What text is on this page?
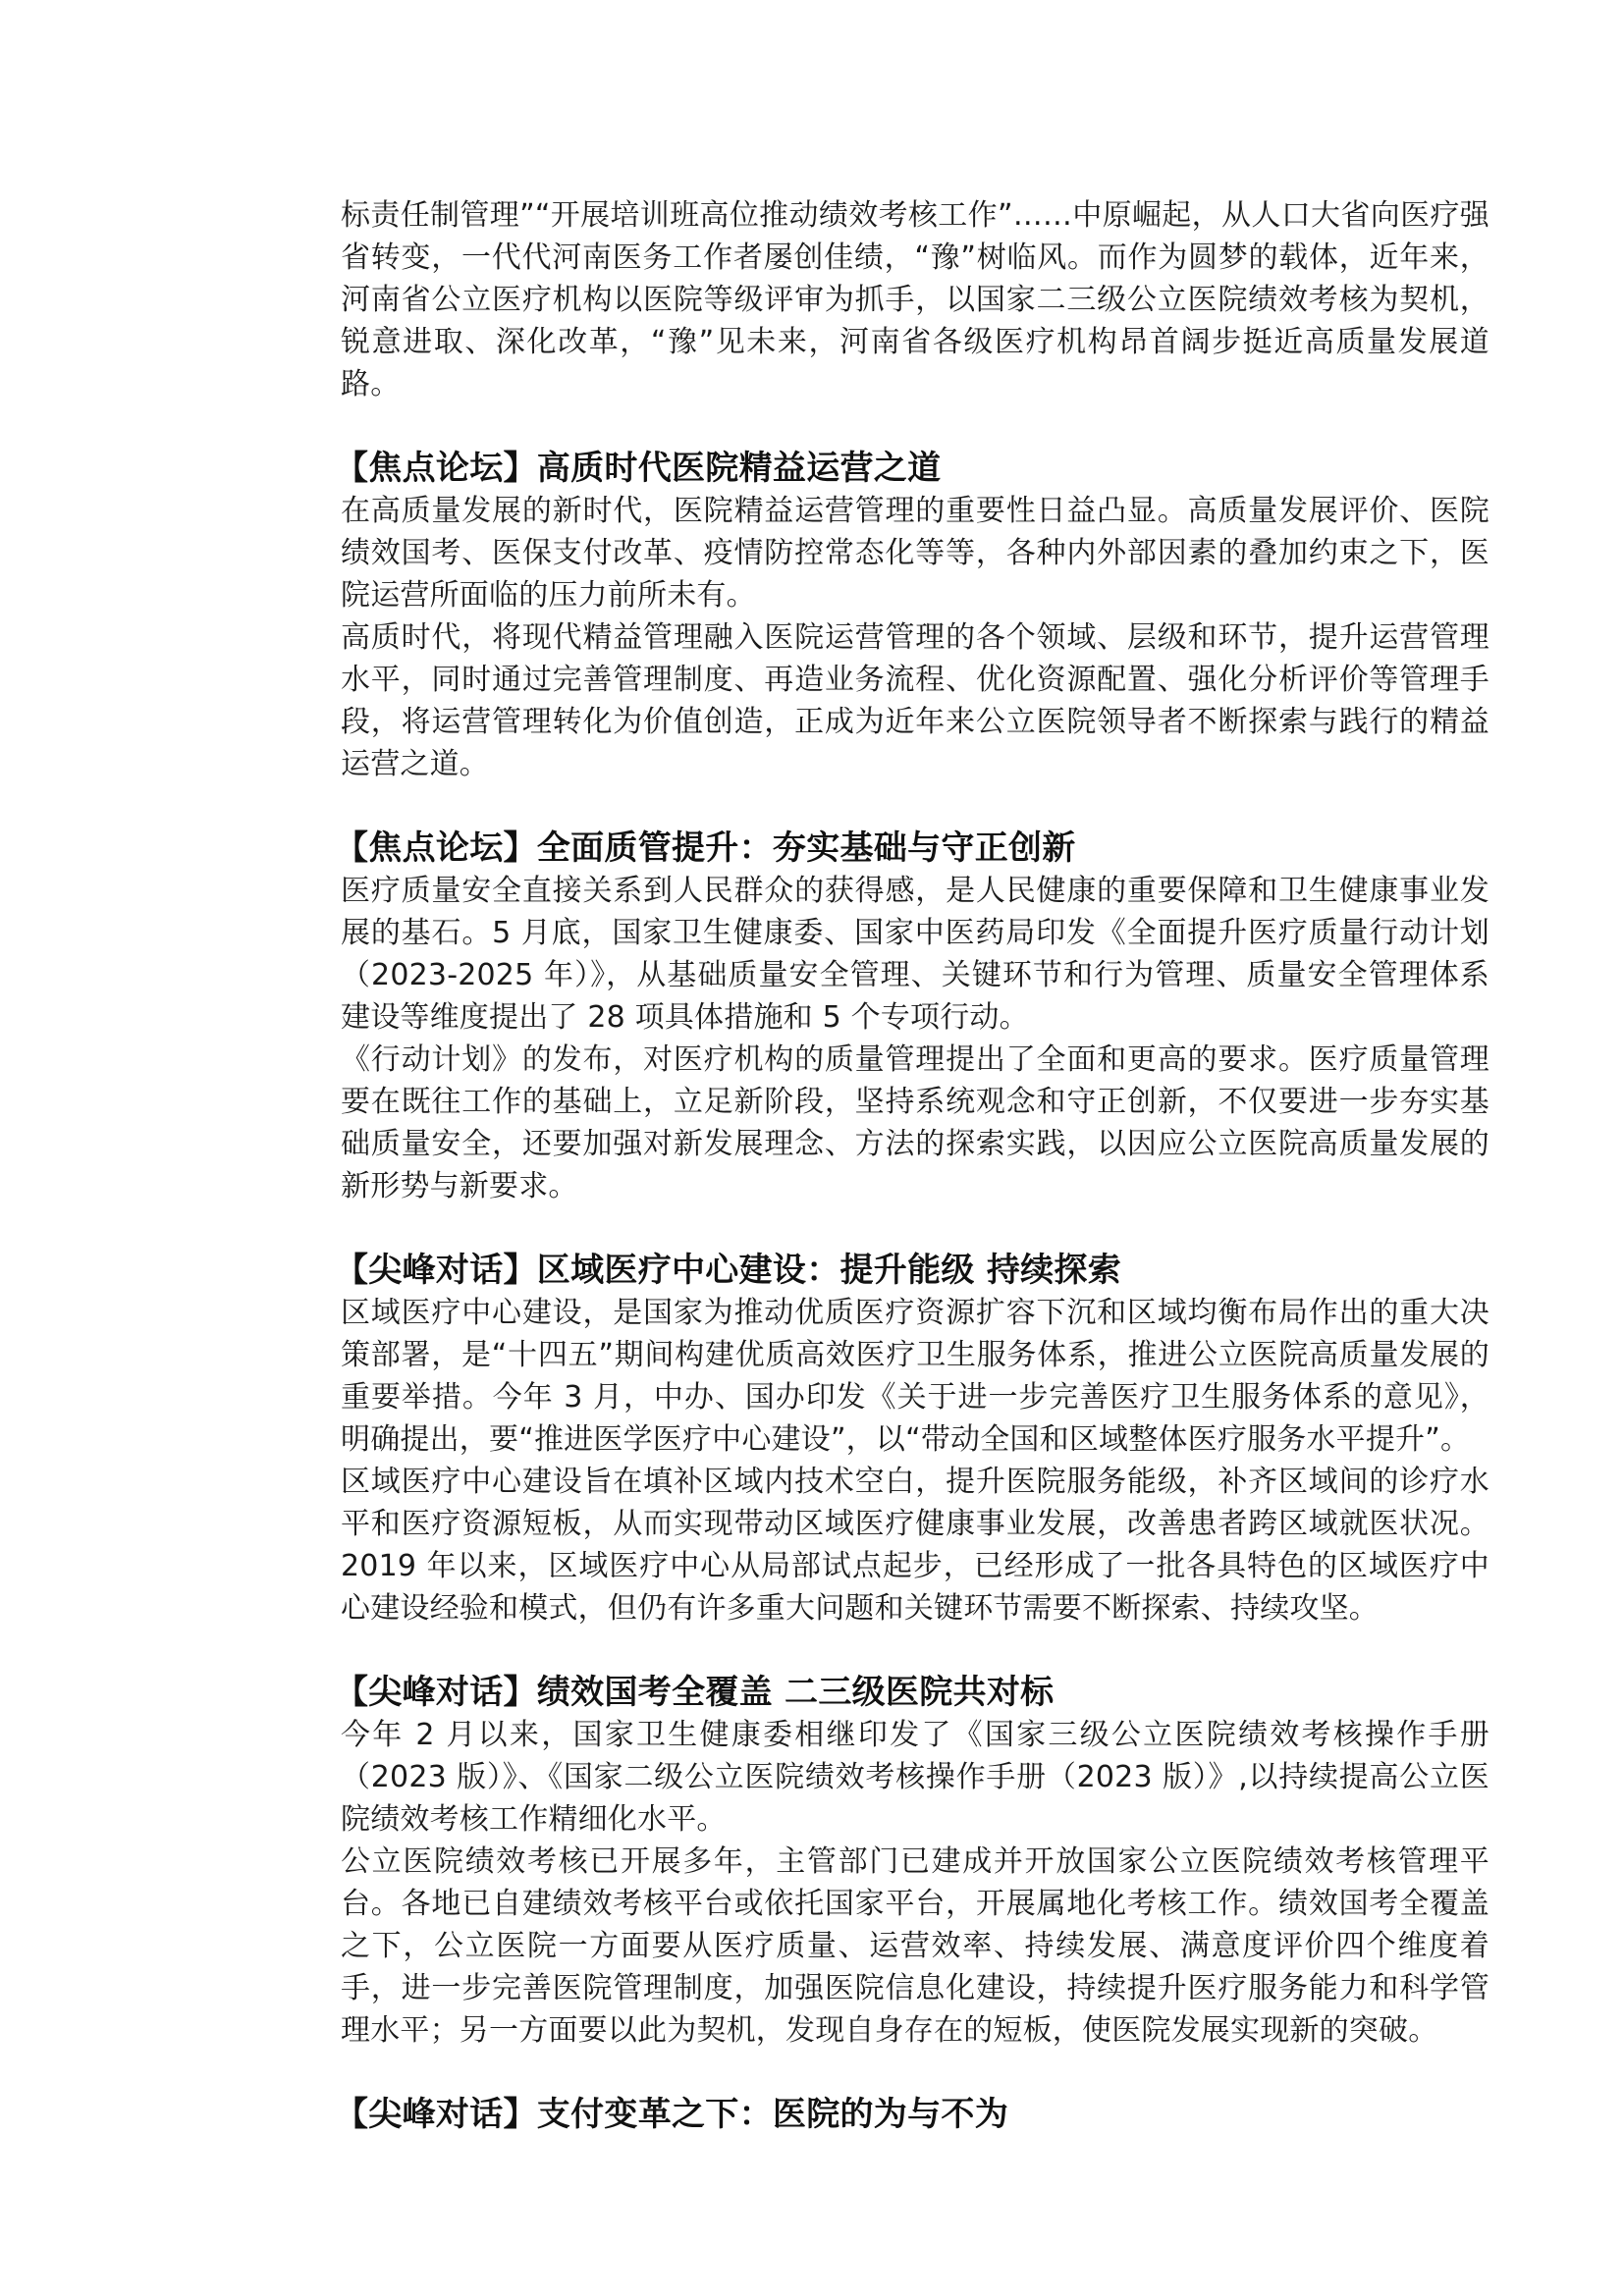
标责任制管理”“开展培训班高位推动绩效考核工作”……中原崛起，从人口大省向医疗强省转变，一代代河南医务工作者屡创佳绩，“豫”树临风。而作为圆梦的载体，近年来，河南省公立医疗机构以医院等级评审为抓手，以国家二三级公立医院绩效考核为契机，锐意进取、深化改革，“豫”见未来，河南省各级医疗机构昂首阔步挺近高质量发展道路。

【焦点论坛】高质时代医院精益运营之道

在高质量发展的新时代，医院精益运营管理的重要性日益凸显。高质量发展评价、医院绩效国考、医保支付改革、疫情防控常态化等等，各种内外部因素的叠加约束之下，医院运营所面临的压力前所未有。

高质时代，将现代精益管理融入医院运营管理的各个领域、层级和环节，提升运营管理水平，同时通过完善管理制度、再造业务流程、优化资源配置、强化分析评价等管理手段，将运营管理转化为价值创造，正成为近年来公立医院领导者不断探索与践行的精益运营之道。

【焦点论坛】全面质管提升：夯实基础与守正创新

医疗质量安全直接关系到人民群众的获得感，是人民健康的重要保障和卫生健康事业发展的基石。5 月底，国家卫生健康委、国家中医药局印发《全面提升医疗质量行动计划（2023-2025 年）》，从基础质量安全管理、关键环节和行为管理、质量安全管理体系建设等维度提出了 28 项具体措施和 5 个专项行动。

《行动计划》的发布，对医疗机构的质量管理提出了全面和更高的要求。医疗质量管理要在既往工作的基础上，立足新阶段，坚持系统观念和守正创新，不仅要进一步夯实基础质量安全，还要加强对新发展理念、方法的探索实践，以因应公立医院高质量发展的新形势与新要求。

【尖峰对话】区域医疗中心建设：提升能级 持续探索

区域医疗中心建设，是国家为推动优质医疗资源扩容下沉和区域均衡布局作出的重大决策部署，是“十四五”期间构建优质高效医疗卫生服务体系，推进公立医院高质量发展的重要举措。今年 3 月，中办、国办印发《关于进一步完善医疗卫生服务体系的意见》，明确提出，要“推进医学医疗中心建设”，以“带动全国和区域整体医疗服务水平提升”。

区域医疗中心建设旨在填补区域内技术空白，提升医院服务能级，补齐区域间的诊疗水平和医疗资源短板，从而实现带动区域医疗健康事业发展，改善患者跨区域就医状况。2019 年以来，区域医疗中心从局部试点起步，已经形成了一批各具特色的区域医疗中心建设经验和模式，但仍有许多重大问题和关键环节需要不断探索、持续攻坚。

【尖峰对话】绩效国考全覆盖 二三级医院共对标

今年 2 月以来，国家卫生健康委相继印发了《国家三级公立医院绩效考核操作手册（2023 版）》、《国家二级公立医院绩效考核操作手册（2023 版）》,以持续提高公立医院绩效考核工作精细化水平。

公立医院绩效考核已开展多年，主管部门已建成并开放国家公立医院绩效考核管理平台。各地已自建绩效考核平台或依托国家平台，开展属地化考核工作。绩效国考全覆盖之下，公立医院一方面要从医疗质量、运营效率、持续发展、满意度评价四个维度着手，进一步完善医院管理制度，加强医院信息化建设，持续提升医疗服务能力和科学管理水平；另一方面要以此为契机，发现自身存在的短板，使医院发展实现新的突破。

【尖峰对话】支付变革之下：医院的为与不为
